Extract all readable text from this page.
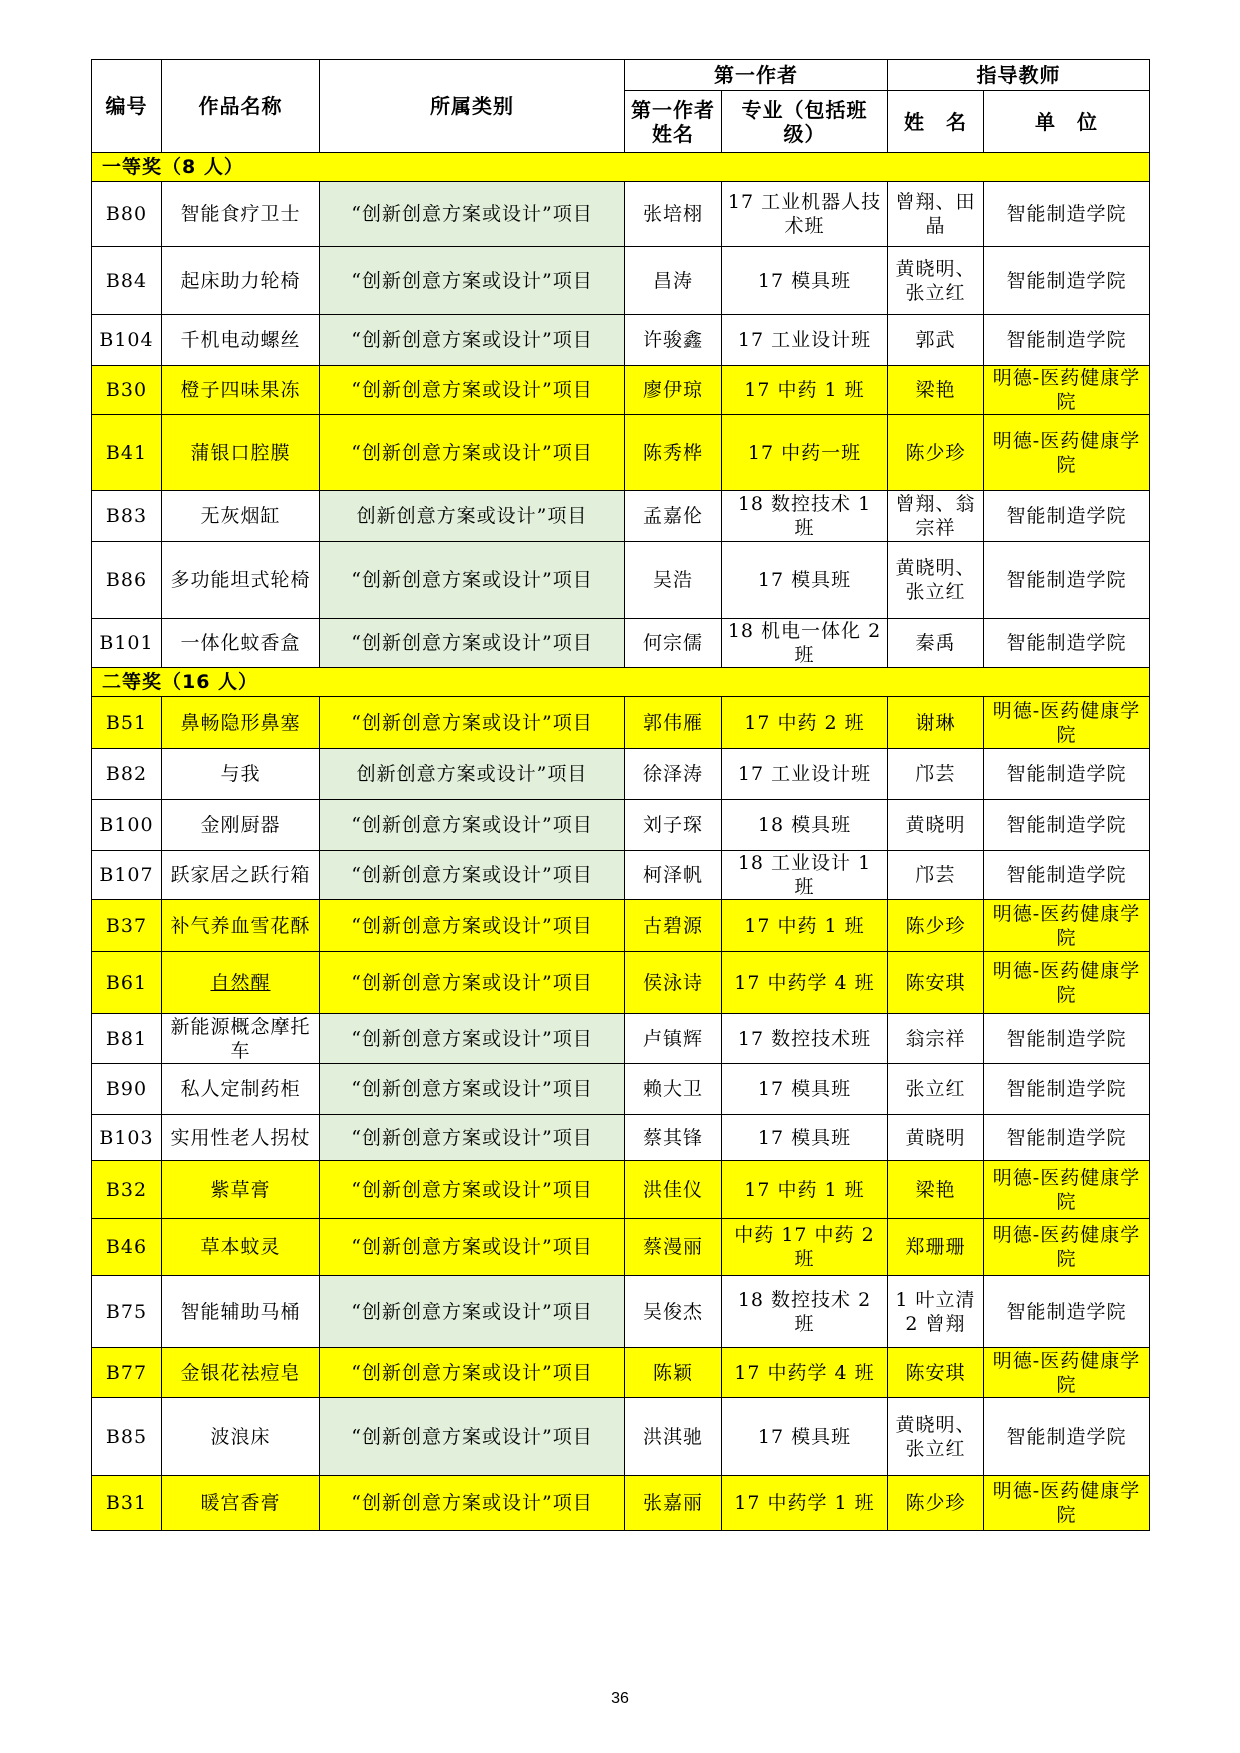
编号	作品名称	所属类别	第一作者		指导教师	
			第一作者姓名	专业（包括班级）	姓　名	单　位
一等奖（8 人）						
B80	智能食疗卫士	“创新创意方案或设计”项目	张培栩	17 工业机器人技术班	曾翔、田晶	智能制造学院
B84	起床助力轮椅	“创新创意方案或设计”项目	昌涛	17 模具班	黄晓明、张立红	智能制造学院
B104	千机电动螺丝	“创新创意方案或设计”项目	许骏鑫	17 工业设计班	郭武	智能制造学院
B30	橙子四味果冻	“创新创意方案或设计”项目	廖伊琼	17 中药 1 班	梁艳	明德-医药健康学院
B41	蒲银口腔膜	“创新创意方案或设计”项目	陈秀桦	17 中药一班	陈少珍	明德-医药健康学院
B83	无灰烟缸	创新创意方案或设计”项目	孟嘉伦	18 数控技术 1 班	曾翔、翁宗祥	智能制造学院
B86	多功能坦式轮椅	“创新创意方案或设计”项目	吴浩	17 模具班	黄晓明、张立红	智能制造学院
B101	一体化蚊香盒	“创新创意方案或设计”项目	何宗儒	18 机电一体化 2 班	秦禹	智能制造学院
二等奖（16 人）						
B51	鼻畅隐形鼻塞	“创新创意方案或设计”项目	郭伟雁	17 中药 2 班	谢琳	明德-医药健康学院
B82	与我	创新创意方案或设计”项目	徐泽涛	17 工业设计班	邝芸	智能制造学院
B100	金刚厨器	“创新创意方案或设计”项目	刘子琛	18 模具班	黄晓明	智能制造学院
B107	跃家居之跃行箱	“创新创意方案或设计”项目	柯泽帆	18 工业设计 1 班	邝芸	智能制造学院
B37	补气养血雪花酥	“创新创意方案或设计”项目	古碧源	17 中药 1 班	陈少珍	明德-医药健康学院
B61	自然醒	“创新创意方案或设计”项目	侯泳诗	17 中药学 4 班	陈安琪	明德-医药健康学院
B81	新能源概念摩托车	“创新创意方案或设计”项目	卢镇辉	17 数控技术班	翁宗祥	智能制造学院
B90	私人定制药柜	“创新创意方案或设计”项目	赖大卫	17 模具班	张立红	智能制造学院
B103	实用性老人拐杖	“创新创意方案或设计”项目	蔡其锋	17 模具班	黄晓明	智能制造学院
B32	紫草膏	“创新创意方案或设计”项目	洪佳仪	17 中药 1 班	梁艳	明德-医药健康学院
B46	草本蚊灵	“创新创意方案或设计”项目	蔡漫丽	中药 17 中药 2 班	郑珊珊	明德-医药健康学院
B75	智能辅助马桶	“创新创意方案或设计”项目	吴俊杰	18 数控技术 2 班	1 叶立清 2 曾翔	智能制造学院
B77	金银花祛痘皂	“创新创意方案或设计”项目	陈颖	17 中药学 4 班	陈安琪	明德-医药健康学院
B85	波浪床	“创新创意方案或设计”项目	洪淇驰	17 模具班	黄晓明、张立红	智能制造学院
B31	暖宫香膏	“创新创意方案或设计”项目	张嘉丽	17 中药学 1 班	陈少珍	明德-医药健康学院
36
